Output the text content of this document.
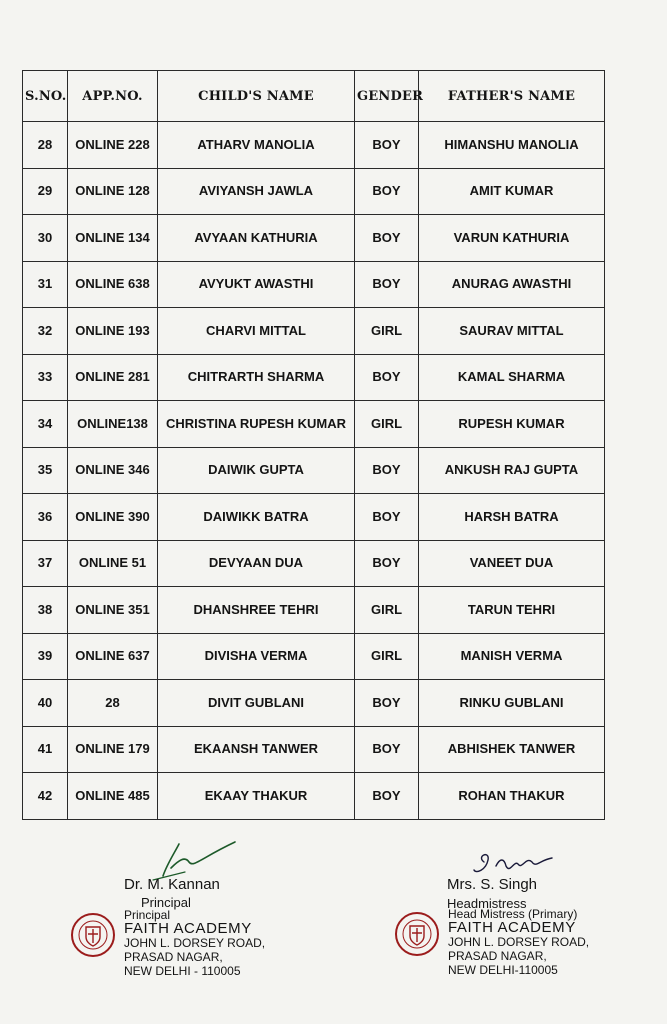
S.NO.	APP.NO.	CHILD'S NAME	GENDER	FATHER'S NAME
28	ONLINE 228	ATHARV MANOLIA	BOY	HIMANSHU MANOLIA
29	ONLINE 128	AVIYANSH JAWLA	BOY	AMIT KUMAR
30	ONLINE 134	AVYAAN KATHURIA	BOY	VARUN KATHURIA
31	ONLINE 638	AVYUKT AWASTHI	BOY	ANURAG AWASTHI
32	ONLINE 193	CHARVI MITTAL	GIRL	SAURAV MITTAL
33	ONLINE 281	CHITRARTH SHARMA	BOY	KAMAL SHARMA
34	ONLINE138	CHRISTINA RUPESH KUMAR	GIRL	RUPESH KUMAR
35	ONLINE 346	DAIWIK GUPTA	BOY	ANKUSH RAJ GUPTA
36	ONLINE 390	DAIWIKK BATRA	BOY	HARSH BATRA
37	ONLINE 51	DEVYAAN DUA	BOY	VANEET DUA
38	ONLINE 351	DHANSHREE TEHRI	GIRL	TARUN TEHRI
39	ONLINE 637	DIVISHA VERMA	GIRL	MANISH VERMA
40	28	DIVIT GUBLANI	BOY	RINKU GUBLANI
41	ONLINE 179	EKAANSH TANWER	BOY	ABHISHEK TANWER
42	ONLINE 485	EKAAY THAKUR	BOY	ROHAN THAKUR
Dr. M. Kannan
Principal
Principal
FAITH ACADEMY
JOHN L. DORSEY ROAD,
PRASAD NAGAR,
NEW DELHI - 110005
Mrs. S. Singh
Headmistress
Head Mistress (Primary)
FAITH ACADEMY
JOHN L. DORSEY ROAD,
PRASAD NAGAR,
NEW DELHI-110005
